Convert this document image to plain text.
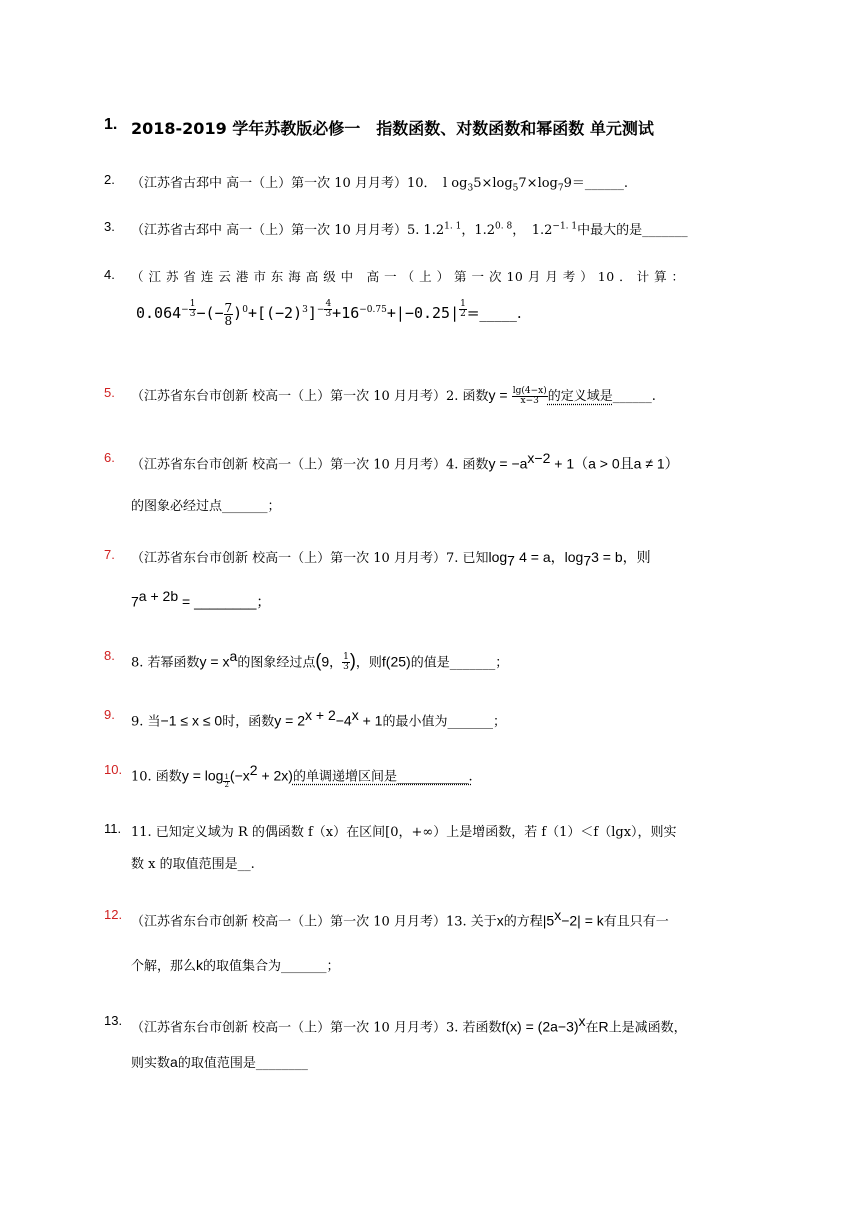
1. 2018-2019 学年苏教版必修一　指数函数、对数函数和幂函数 单元测试
2. （江苏省古邳中 高一（上）第一次 10 月月考）10．　 l $og_35\times\log_57\times\log_79=\_\_\_\_\_\_$.
3. （江苏省古邳中 高一（上）第一次 10 月月考）5. $1.2^{1. 1}$，$1.2^{0. 8}$，　$1.2^{-1. 1}$中最大的是_______
4. （ 江 苏 省 连 云 港 市 东 海 高 级 中　高 一 （ 上 ） 第 一 次 10 月 月 考 ） 10 ． 计 算 ：
$0.064^{- \frac{1}{3}}$ −(− $\frac{7}{8} )^0+[(-2)^3]^{- \frac{4}{3}} +16^{-0.75}+|-0.25|$ $^{\frac{1}{2}}$ =_____.
5. （江苏省东台市创新 校高一（上）第一次 10 月月考）2. 函数$y = \frac{\lg(4-x)}{x-3}$ 的定义域是______.
6. （江苏省东台市创新 校高一（上）第一次 10 月月考）4. 函数$y = -a^{x-2} + 1(a > 0$且a ≠ 1）
的图象必经过点_______；
7. （江苏省东台市创新 校高一（上）第一次 10 月月考）7. 已知$\log_7 4 = a$，$\log_73 = b$，则
$7^{a + 2b}$ = ________；
8. 8. 若幂函数$y = x^a$的图象经过点(9， $\frac{1}{3}$ )，则f(25)的值是_______；
9. 9. 当−1 ≤ x ≤ 0时，函数$y = 2^{x + 2}-4^x + 1$的最小值为_______；
10. 10. 函数y = log $_{\frac{1}{2}}$ $(-x^2 + 2x)$的单调递增区间是___________.
11. 11. 已知定义域为 R 的偶函数 f（x）在区间[0，+∞）上是增函数，若 f（1）＜f（lgx），则实
数 x 的取值范围是__.
12. （江苏省东台市创新 校高一（上）第一次 10 月月考）13. 关于x的方程$|5^x-2| = k$有且只有一
个解，那么k的取值集合为_______；
13. （江苏省东台市创新 校高一（上）第一次 10 月月考）3. 若函数$f(x) = (2a-3)^x$在R上是减函数，
则实数a的取值范围是________
